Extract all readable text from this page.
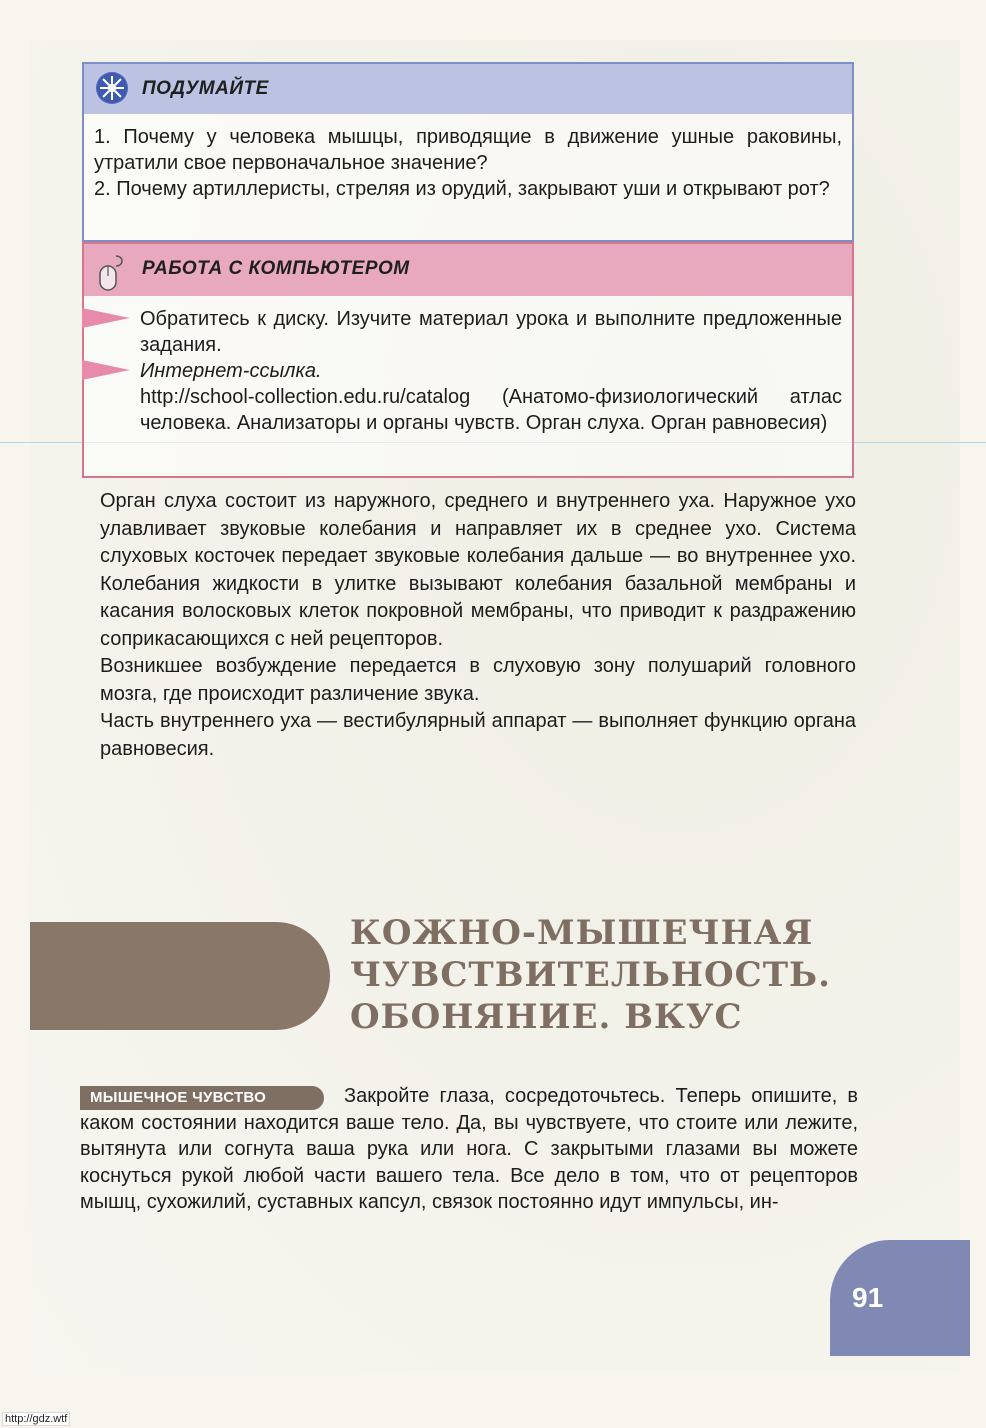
ПОДУМАЙТЕ

1. Почему у человека мышцы, приводящие в движение ушные раковины, утратили свое первоначальное значение?

2. Почему артиллеристы, стреляя из орудий, закрывают уши и открывают рот?

РАБОТА С КОМПЬЮТЕРОМ

Обратитесь к диску. Изучите материал урока и выполните предложенные задания.

Интернет-ссылка.

http://school-collection.edu.ru/catalog (Анатомо-физиологический атлас человека. Анализаторы и органы чувств. Орган слуха. Орган равновесия)

Орган слуха состоит из наружного, среднего и внутреннего уха. Наружное ухо улавливает звуковые колебания и направляет их в среднее ухо. Система слуховых косточек передает звуковые колебания дальше — во внутреннее ухо. Колебания жидкости в улитке вызывают колебания базальной мембраны и касания волосковых клеток покровной мембраны, что приводит к раздражению соприкасающихся с ней рецепторов.

Возникшее возбуждение передается в слуховую зону полушарий головного мозга, где происходит различение звука.

Часть внутреннего уха — вестибулярный аппарат — выполняет функцию органа равновесия.

КОЖНО-МЫШЕЧНАЯ
ЧУВСТВИТЕЛЬНОСТЬ.
ОБОНЯНИЕ. ВКУС
МЫШЕЧНОЕ ЧУВСТВО	Закройте глаза, сосредоточьтесь. Теперь опишите, в каком состоянии находится ваше тело. Да, вы чувствуете, что стоите или лежите, вытянута или согнута ваша рука или нога. С закрытыми глазами вы можете коснуться рукой любой части вашего тела. Все дело в том, что от рецепторов мышц, сухожилий, суставных капсул, связок постоянно идут импульсы, ин-
91
http://gdz.wtf
